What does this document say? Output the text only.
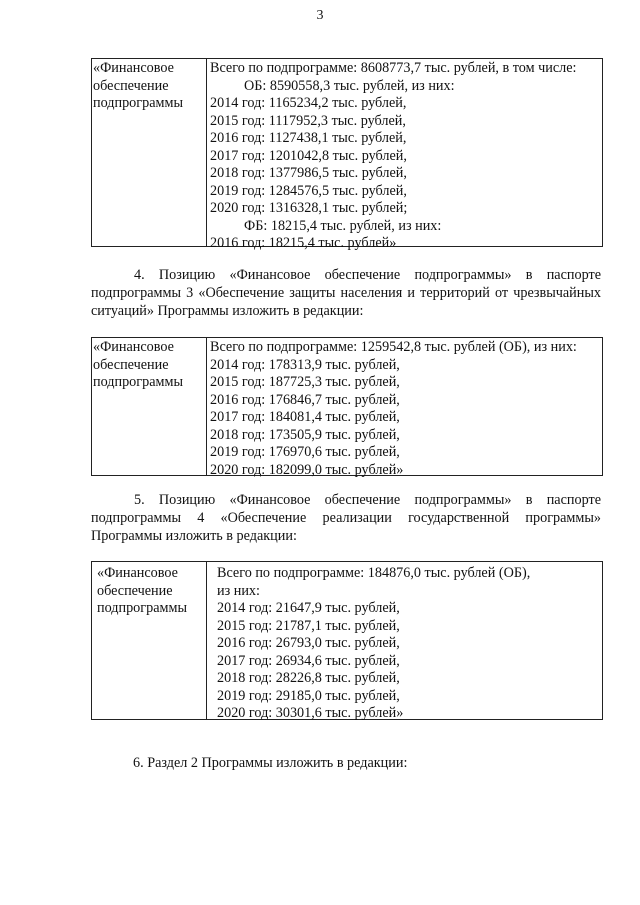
3
«Финансовое
обеспечение
подпрограммы
Всего по подпрограмме: 8608773,7 тыс. рублей, в том числе:
ОБ: 8590558,3 тыс. рублей, из них:
2014 год: 1165234,2 тыс. рублей,
2015 год: 1117952,3 тыс. рублей,
2016 год: 1127438,1 тыс. рублей,
2017 год: 1201042,8 тыс. рублей,
2018 год: 1377986,5 тыс. рублей,
2019 год: 1284576,5 тыс. рублей,
2020 год: 1316328,1 тыс. рублей;
ФБ: 18215,4 тыс. рублей, из них:
2016 год: 18215,4 тыс. рублей»
4. Позицию «Финансовое обеспечение подпрограммы» в паспорте подпрограммы 3 «Обеспечение защиты населения и территорий от чрезвычайных ситуаций» Программы изложить в редакции:
«Финансовое
обеспечение
подпрограммы
Всего по подпрограмме: 1259542,8 тыс. рублей (ОБ), из них:
2014 год: 178313,9 тыс. рублей,
2015 год: 187725,3 тыс. рублей,
2016 год: 176846,7 тыс. рублей,
2017 год: 184081,4 тыс. рублей,
2018 год: 173505,9 тыс. рублей,
2019 год: 176970,6 тыс. рублей,
2020 год: 182099,0 тыс. рублей»
5. Позицию «Финансовое обеспечение подпрограммы» в паспорте подпрограммы 4 «Обеспечение реализации государственной программы» Программы изложить в редакции:
«Финансовое
обеспечение
подпрограммы
Всего по подпрограмме: 184876,0 тыс. рублей (ОБ),
из них:
2014 год: 21647,9 тыс. рублей,
2015 год: 21787,1 тыс. рублей,
2016 год: 26793,0 тыс. рублей,
2017 год: 26934,6 тыс. рублей,
2018 год: 28226,8 тыс. рублей,
2019 год: 29185,0 тыс. рублей,
2020 год: 30301,6 тыс. рублей»
6. Раздел 2 Программы изложить в редакции:
